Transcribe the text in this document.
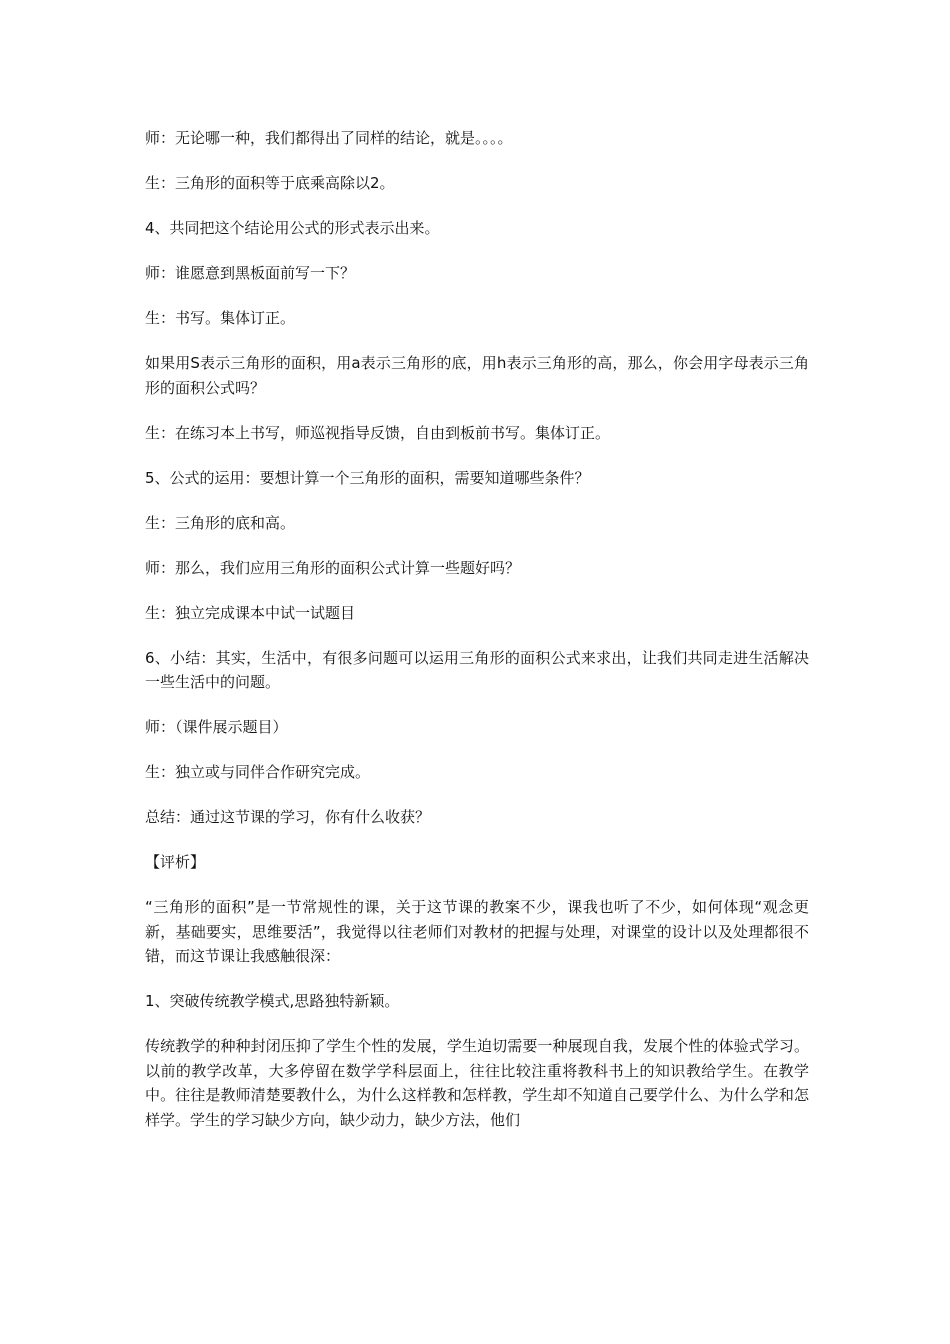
师：无论哪一种，我们都得出了同样的结论，就是。。。。

生：三角形的面积等于底乘高除以2。

4、共同把这个结论用公式的形式表示出来。

师：谁愿意到黑板面前写一下？

生：书写。集体订正。

如果用S表示三角形的面积，用a表示三角形的底，用h表示三角形的高，那么，你会用字母表示三角形的面积公式吗？

生：在练习本上书写，师巡视指导反馈，自由到板前书写。集体订正。

5、公式的运用：要想计算一个三角形的面积，需要知道哪些条件？

生：三角形的底和高。

师：那么，我们应用三角形的面积公式计算一些题好吗？

生：独立完成课本中试一试题目

6、小结：其实，生活中，有很多问题可以运用三角形的面积公式来求出，让我们共同走进生活解决一些生活中的问题。

师：（课件展示题目）

生：独立或与同伴合作研究完成。

总结：通过这节课的学习，你有什么收获？

【评析】

“三角形的面积”是一节常规性的课，关于这节课的教案不少，课我也听了不少，如何体现“观念更新，基础要实，思维要活”，我觉得以往老师们对教材的把握与处理，对课堂的设计以及处理都很不错，而这节课让我感触很深：

1、突破传统教学模式,思路独特新颖。

传统教学的种种封闭压抑了学生个性的发展，学生迫切需要一种展现自我，发展个性的体验式学习。以前的教学改革，大多停留在数学学科层面上，往往比较注重将教科书上的知识教给学生。在教学中。往往是教师清楚要教什么，为什么这样教和怎样教，学生却不知道自己要学什么、为什么学和怎样学。学生的学习缺少方向，缺少动力，缺少方法，他们
